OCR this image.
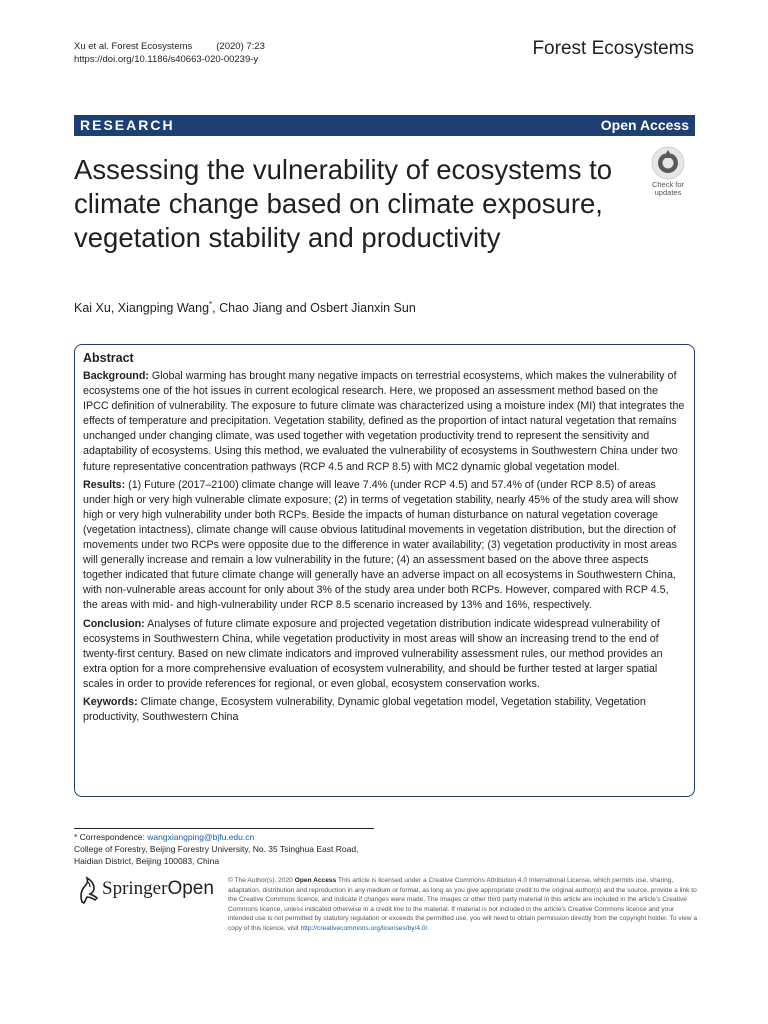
Xu et al. Forest Ecosystems	(2020) 7:23
https://doi.org/10.1186/s40663-020-00239-y
Forest Ecosystems
RESEARCH	Open Access
Assessing the vulnerability of ecosystems to climate change based on climate exposure, vegetation stability and productivity
Check for
updates
Kai Xu, Xiangping Wang*, Chao Jiang and Osbert Jianxin Sun
Abstract

Background: Global warming has brought many negative impacts on terrestrial ecosystems, which makes the vulnerability of ecosystems one of the hot issues in current ecological research. Here, we proposed an assessment method based on the IPCC definition of vulnerability. The exposure to future climate was characterized using a moisture index (MI) that integrates the effects of temperature and precipitation. Vegetation stability, defined as the proportion of intact natural vegetation that remains unchanged under changing climate, was used together with vegetation productivity trend to represent the sensitivity and adaptability of ecosystems. Using this method, we evaluated the vulnerability of ecosystems in Southwestern China under two future representative concentration pathways (RCP 4.5 and RCP 8.5) with MC2 dynamic global vegetation model.

Results: (1) Future (2017–2100) climate change will leave 7.4% (under RCP 4.5) and 57.4% of (under RCP 8.5) of areas under high or very high vulnerable climate exposure; (2) in terms of vegetation stability, nearly 45% of the study area will show high or very high vulnerability under both RCPs. Beside the impacts of human disturbance on natural vegetation coverage (vegetation intactness), climate change will cause obvious latitudinal movements in vegetation distribution, but the direction of movements under two RCPs were opposite due to the difference in water availability; (3) vegetation productivity in most areas will generally increase and remain a low vulnerability in the future; (4) an assessment based on the above three aspects together indicated that future climate change will generally have an adverse impact on all ecosystems in Southwestern China, with non-vulnerable areas account for only about 3% of the study area under both RCPs. However, compared with RCP 4.5, the areas with mid- and high-vulnerability under RCP 8.5 scenario increased by 13% and 16%, respectively.

Conclusion: Analyses of future climate exposure and projected vegetation distribution indicate widespread vulnerability of ecosystems in Southwestern China, while vegetation productivity in most areas will show an increasing trend to the end of twenty-first century. Based on new climate indicators and improved vulnerability assessment rules, our method provides an extra option for a more comprehensive evaluation of ecosystem vulnerability, and should be further tested at larger spatial scales in order to provide references for regional, or even global, ecosystem conservation works.

Keywords: Climate change, Ecosystem vulnerability, Dynamic global vegetation model, Vegetation stability, Vegetation productivity, Southwestern China

* Correspondence: wangxiangping@bjfu.edu.cn
College of Forestry, Beijing Forestry University, No. 35 Tsinghua East Road,
Haidian District, Beijing 100083, China
SpringerOpen © The Author(s). 2020 Open Access This article is licensed under a Creative Commons Attribution 4.0 International License, which permits use, sharing, adaptation, distribution and reproduction in any medium or format, as long as you give appropriate credit to the original author(s) and the source, provide a link to the Creative Commons licence, and indicate if changes were made. The images or other third party material in this article are included in the article's Creative Commons licence, unless indicated otherwise in a credit line to the material. If material is not included in the article's Creative Commons licence and your intended use is not permitted by statutory regulation or exceeds the permitted use, you will need to obtain permission directly from the copyright holder. To view a copy of this licence, visit http://creativecommons.org/licenses/by/4.0/.
